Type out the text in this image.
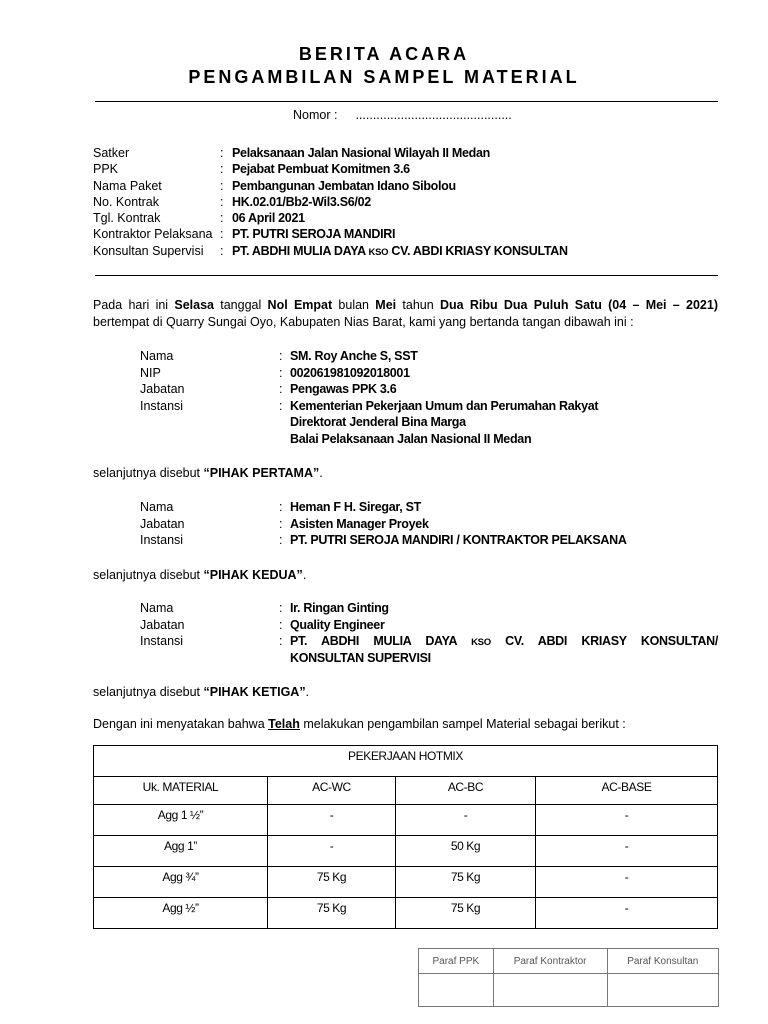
BERITA ACARA
PENGAMBILAN SAMPEL MATERIAL
Nomor : .............................................
Satker	: Pelaksanaan Jalan Nasional Wilayah II Medan
PPK	: Pejabat Pembuat Komitmen 3.6
Nama Paket	: Pembangunan Jembatan Idano Sibolou
No. Kontrak	: HK.02.01/Bb2-Wil3.S6/02
Tgl. Kontrak	: 06 April 2021
Kontraktor Pelaksana : PT. PUTRI SEROJA MANDIRI
Konsultan Supervisi : PT. ABDHI MULIA DAYA KSO CV. ABDI KRIASY KONSULTAN
Pada hari ini Selasa tanggal Nol Empat bulan Mei tahun Dua Ribu Dua Puluh Satu (04 – Mei – 2021)
bertempat di Quarry Sungai Oyo, Kabupaten Nias Barat, kami yang bertanda tangan dibawah ini :
Nama	: SM. Roy Anche S, SST
NIP	: 002061981092018001
Jabatan	: Pengawas PPK 3.6
Instansi	: Kementerian Pekerjaan Umum dan Perumahan Rakyat
Direktorat Jenderal Bina Marga
Balai Pelaksanaan Jalan Nasional II Medan
selanjutnya disebut “PIHAK PERTAMA”.
Nama	: Heman F H. Siregar, ST
Jabatan	: Asisten Manager Proyek
Instansi	: PT. PUTRI SEROJA MANDIRI / KONTRAKTOR PELAKSANA
selanjutnya disebut “PIHAK KEDUA”.
Nama	: Ir. Ringan Ginting
Jabatan	: Quality Engineer
Instansi	: PT. ABDHI MULIA DAYA KSO CV. ABDI KRIASY KONSULTAN/
KONSULTAN SUPERVISI
selanjutnya disebut “PIHAK KETIGA”.
Dengan ini menyatakan bahwa Telah melakukan pengambilan sampel Material sebagai berikut :
PEKERJAAN HOTMIX			
Uk. MATERIAL	AC-WC	AC-BC	AC-BASE
Agg 1 ½”	-	-	-
Agg 1”	-	50 Kg	-
Agg ¾”	75 Kg	75 Kg	-
Agg ½”	75 Kg	75 Kg	-
Paraf PPK	Paraf Kontraktor	Paraf Konsultan
